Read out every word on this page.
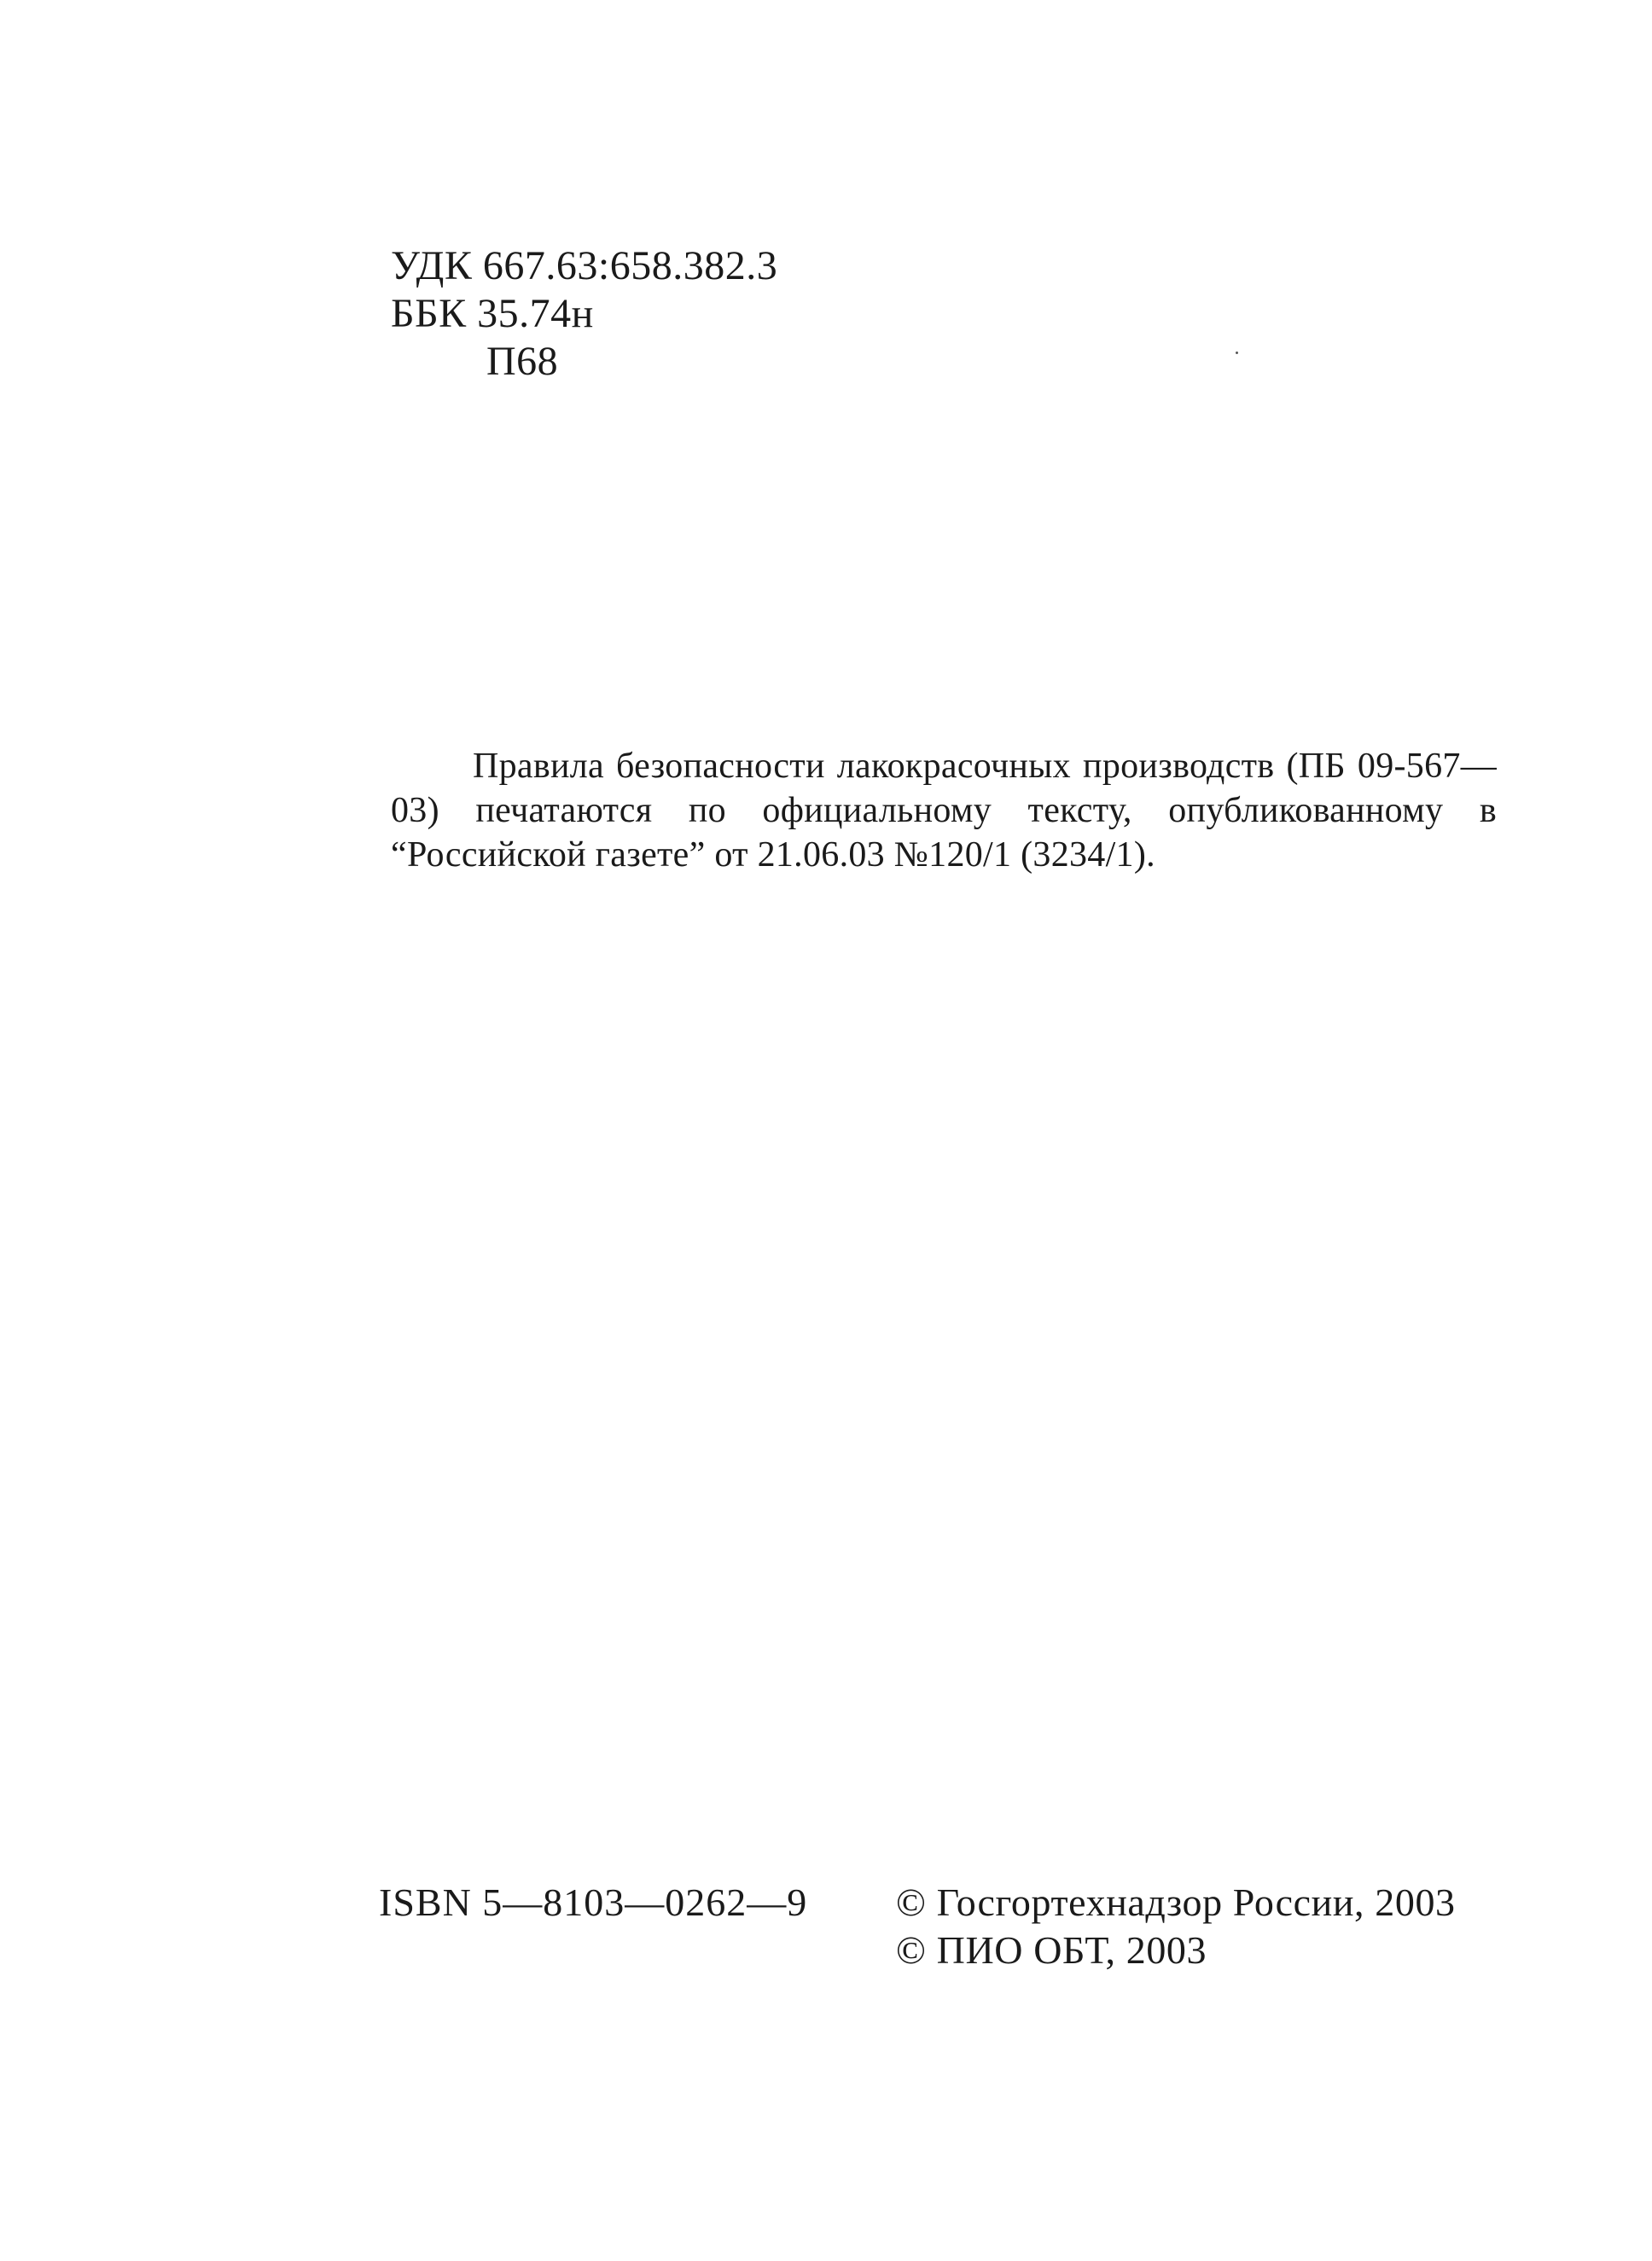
УДК 667.63:658.382.3
ББК 35.74н
П68

Правила безопасности лакокрасочных производств (ПБ 09-567—03) печатаются по официальному тексту, опубликованному в “Российской газете” от 21.06.03 №120/1 (3234/1).

ISBN 5—8103—0262—9 © Госгортехнадзор России, 2003
© ПИО ОБТ, 2003
